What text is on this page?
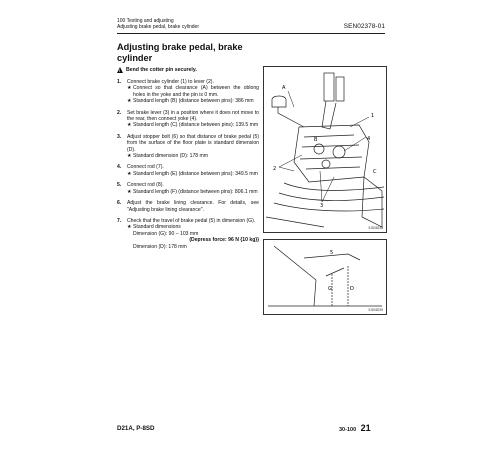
100 Testing and adjusting
Adjusting brake pedal, brake cylinder	SEN02378-01
Adjusting brake pedal, brake cylinder
!
Bend the cotter pin securely.
1.	Connect brake cylinder (1) to lever (2).
★ Connect so that clearance (A) between the oblong holes in the yoke and the pin is 0 mm.
★ Standard length (B) (distance between pins): 386 mm
2.	Set brake lever (3) in a position where it does not move to the rear, then connect yoke (4).
★ Standard length (C) (distance between pins): 139.5 mm
3.	Adjust stopper bolt (6) so that distance of brake pedal (5) from the surface of the floor plate is standard dimension (D).
★ Standard dimension (D): 178 mm
4.	Connect rod (7).
★ Standard length (E) (distance between pins): 349.5 mm
5.	Connect rod (8).
★ Standard length (F) (distance between pins): 806.1 mm
6.	Adjust the brake lining clearance. For details, see "Adjusting brake lining clearance".
7.	Check that the travel of brake pedal (5) in dimension (G).
★ Standard dimensions
Dimension (G): 90 – 103 mm
(Depress force: 96 N {10 kg})
Dimension (D): 178 mm
A
1
B	4
2	C
3
9JD08238
5
G	D
9JD08239
D21A, P-8SD	30-100 21
